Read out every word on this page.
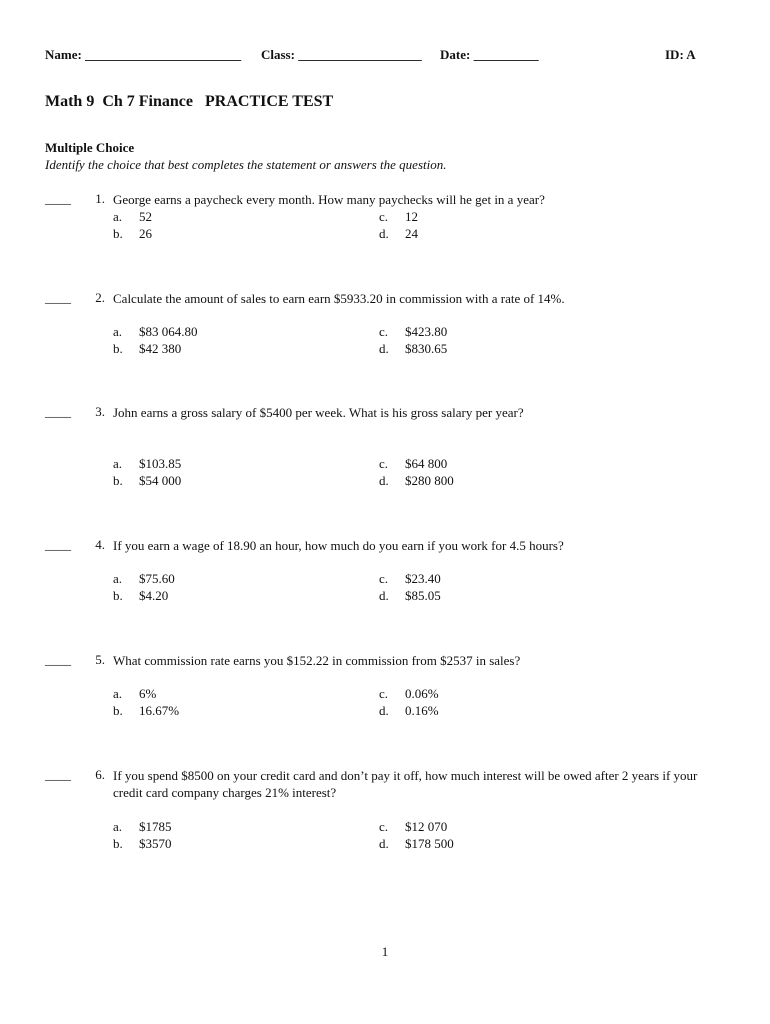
Name: ________________________ Class: ___________________ Date: __________	ID: A
Math 9  Ch 7 Finance   PRACTICE TEST
Multiple Choice
Identify the choice that best completes the statement or answers the question.
____	1. George earns a paycheck every month. How many paychecks will he get in a year?
a. 52
b. 26
c. 12
d. 24
____	2. Calculate the amount of sales to earn earn $5933.20 in commission with a rate of 14%.
a. $83 064.80
b. $42 380
c. $423.80
d. $830.65
____	3. John earns a gross salary of $5400 per week. What is his gross salary per year?
a. $103.85
b. $54 000
c. $64 800
d. $280 800
____	4. If you earn a wage of 18.90 an hour, how much do you earn if you work for 4.5 hours?
a. $75.60
b. $4.20
c. $23.40
d. $85.05
____	5. What commission rate earns you $152.22 in commission from $2537 in sales?
a. 6%
b. 16.67%
c. 0.06%
d. 0.16%
____	6. If you spend $8500 on your credit card and don’t pay it off, how much interest will be owed after 2 years if your credit card company charges 21% interest?
a. $1785
b. $3570
c. $12 070
d. $178 500
1
